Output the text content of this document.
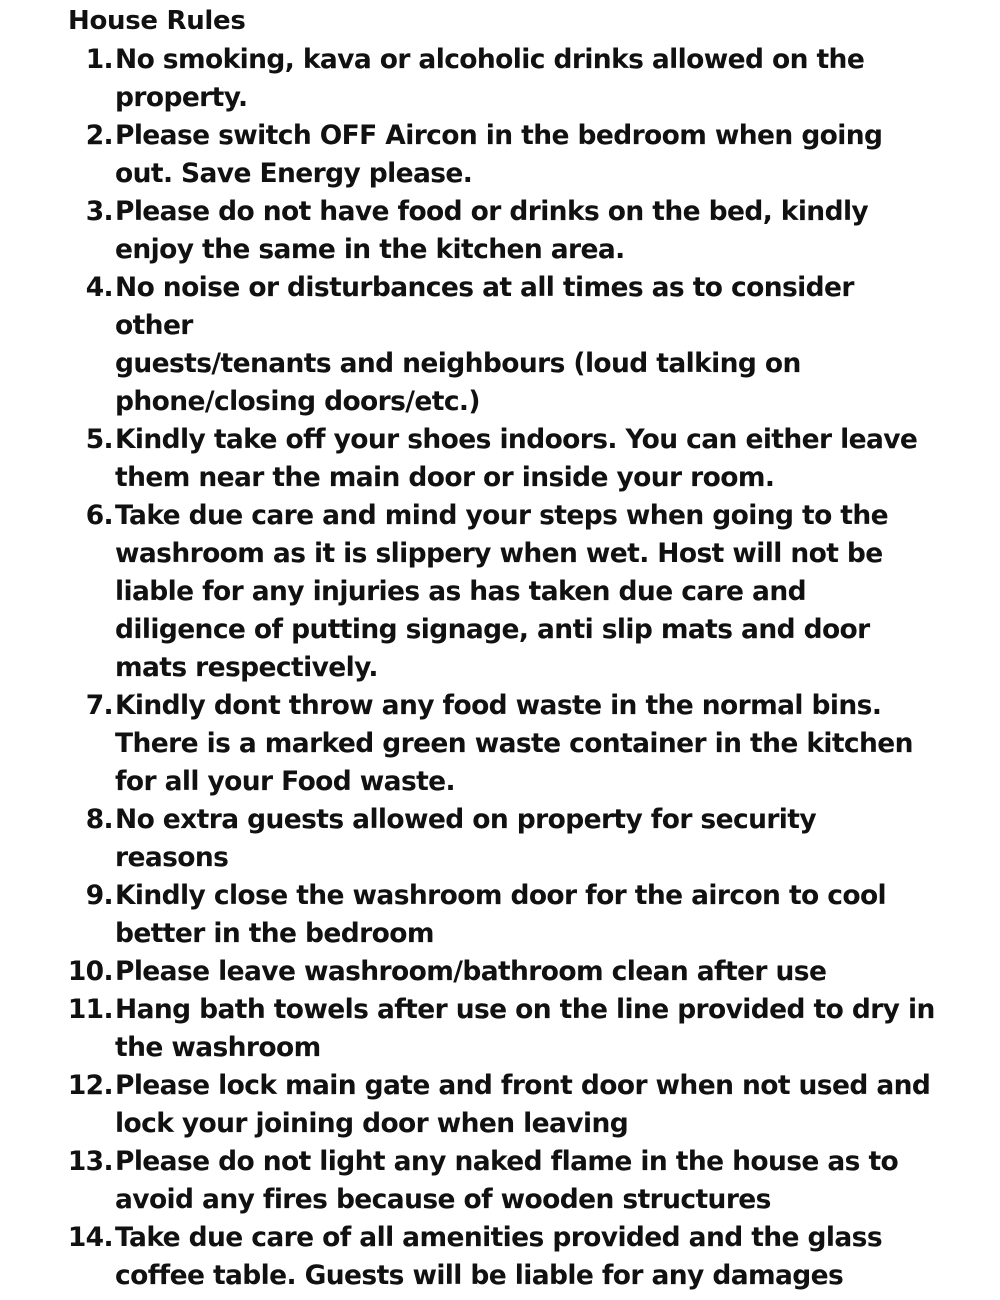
House Rules
1. No smoking, kava or alcoholic drinks allowed on the
property.
2. Please switch OFF Aircon in the bedroom when going
out. Save Energy please.
3. Please do not have food or drinks on the bed, kindly
enjoy the same in the kitchen area.
4. No noise or disturbances at all times as to consider other
guests/tenants and neighbours (loud talking on
phone/closing doors/etc.)
5. Kindly take off your shoes indoors. You can either leave
them near the main door or inside your room.
6. Take due care and mind your steps when going to the
washroom as it is slippery when wet. Host will not be
liable for any injuries as has taken due care and
diligence of putting signage, anti slip mats and door
mats respectively.
7. Kindly dont throw any food waste in the normal bins.
There is a marked green waste container in the kitchen
for all your Food waste.
8. No extra guests allowed on property for security
reasons
9. Kindly close the washroom door for the aircon to cool
better in the bedroom
10. Please leave washroom/bathroom clean after use
11. Hang bath towels after use on the line provided to dry in
the washroom
12. Please lock main gate and front door when not used and
lock your joining door when leaving
13. Please do not light any naked flame in the house as to
avoid any fires because of wooden structures
14. Take due care of all amenities provided and the glass
coffee table. Guests will be liable for any damages
